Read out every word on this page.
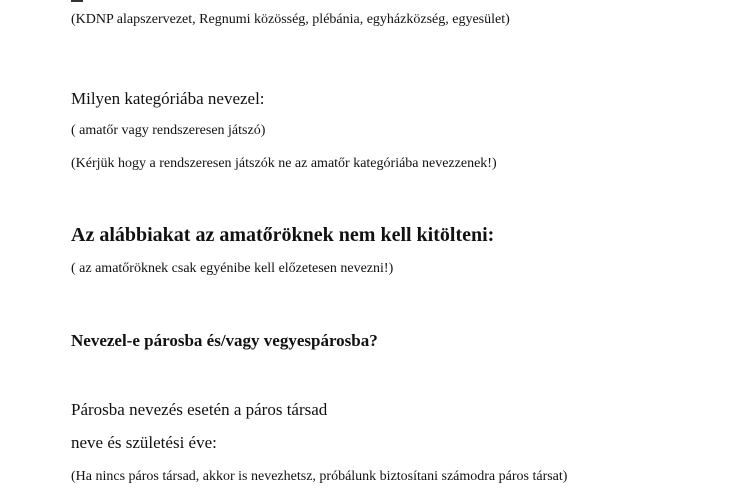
(KDNP alapszervezet, Regnumi közösség, plébánia, egyházközség, egyesület)
Milyen kategóriába nevezel:
( amatőr vagy rendszeresen játszó)
(Kérjük hogy a rendszeresen játszók ne az amatőr kategóriába nevezzenek!)
Az alábbiakat az amatőröknek nem kell kitölteni:
( az amatőröknek csak egyénibe kell előzetesen nevezni!)
Nevezel-e párosba és/vagy vegyespárosba?
Párosba nevezés esetén a páros társad
neve és születési éve:
(Ha nincs páros társad, akkor is nevezhetsz, próbálunk biztosítani számodra páros társat)
